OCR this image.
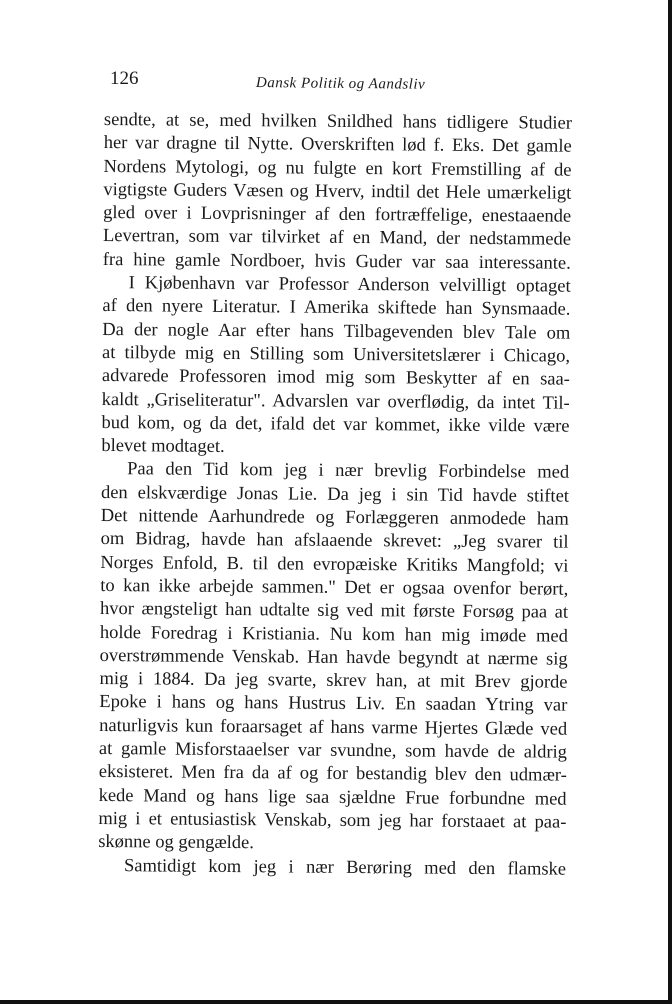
126	Dansk Politik og Aandsliv
sendte, at se, med hvilken Snildhed hans tidligere Studier
her var dragne til Nytte. Overskriften lød f. Eks. Det gamle
Nordens Mytologi, og nu fulgte en kort Fremstilling af de
vigtigste Guders Væsen og Hverv, indtil det Hele umærkeligt
gled over i Lovprisninger af den fortræffelige, enestaaende
Levertran, som var tilvirket af en Mand, der nedstammede
fra hine gamle Nordboer, hvis Guder var saa interessante.
I Kjøbenhavn var Professor Anderson velvilligt optaget
af den nyere Literatur. I Amerika skiftede han Synsmaade.
Da der nogle Aar efter hans Tilbagevenden blev Tale om
at tilbyde mig en Stilling som Universitetslærer i Chicago,
advarede Professoren imod mig som Beskytter af en saa-
kaldt „Griseliteratur". Advarslen var overflødig, da intet Til-
bud kom, og da det, ifald det var kommet, ikke vilde være
blevet modtaget.
Paa den Tid kom jeg i nær brevlig Forbindelse med
den elskværdige Jonas Lie. Da jeg i sin Tid havde stiftet
Det nittende Aarhundrede og Forlæggeren anmodede ham
om Bidrag, havde han afslaaende skrevet: „Jeg svarer til
Norges Enfold, B. til den evropæiske Kritiks Mangfold; vi
to kan ikke arbejde sammen." Det er ogsaa ovenfor berørt,
hvor ængsteligt han udtalte sig ved mit første Forsøg paa at
holde Foredrag i Kristiania. Nu kom han mig imøde med
overstrømmende Venskab. Han havde begyndt at nærme sig
mig i 1884. Da jeg svarte, skrev han, at mit Brev gjorde
Epoke i hans og hans Hustrus Liv. En saadan Ytring var
naturligvis kun foraarsaget af hans varme Hjertes Glæde ved
at gamle Misforstaaelser var svundne, som havde de aldrig
eksisteret. Men fra da af og for bestandig blev den udmær-
kede Mand og hans lige saa sjældne Frue forbundne med
mig i et entusiastisk Venskab, som jeg har forstaaet at paa-
skønne og gengælde.
Samtidigt kom jeg i nær Berøring med den flamske
